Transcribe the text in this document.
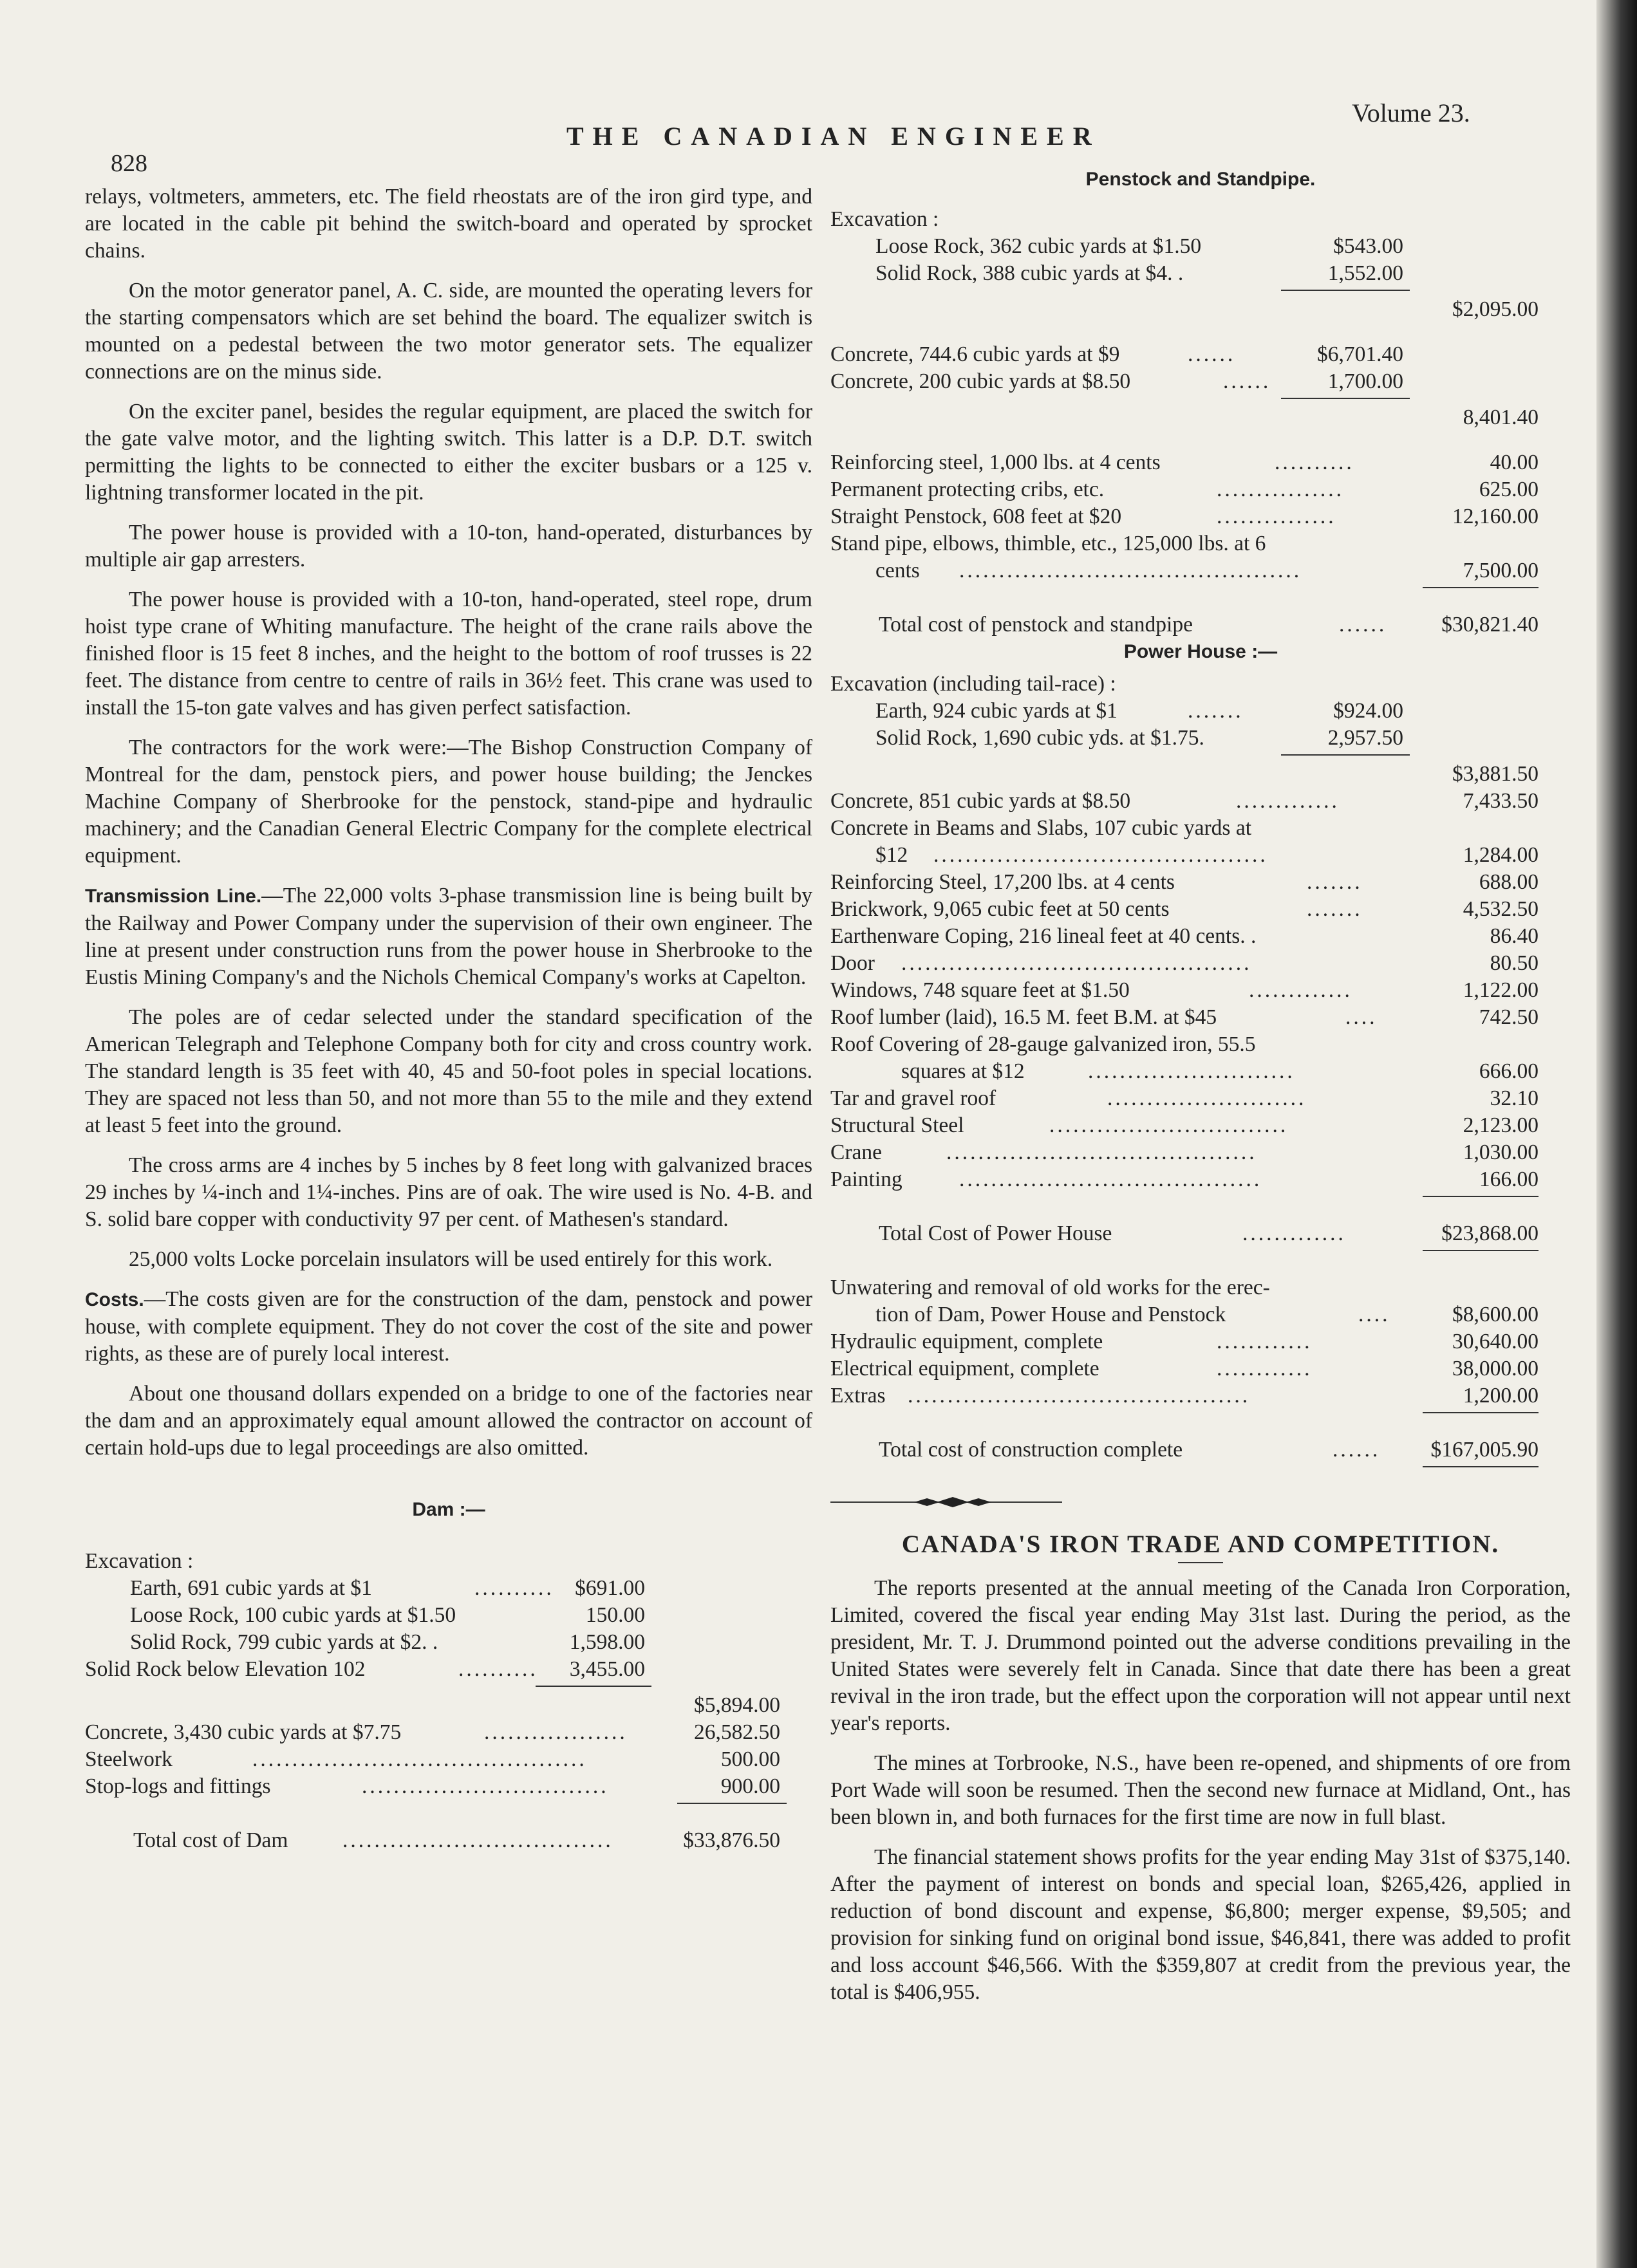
828
THE CANADIAN ENGINEER
Volume 23.

relays, voltmeters, ammeters, etc. The field rheostats are of the iron gird type, and are located in the cable pit behind the switch-board and operated by sprocket chains.

On the motor generator panel, A. C. side, are mounted the operating levers for the starting compensators which are set behind the board. The equalizer switch is mounted on a pedestal between the two motor generator sets. The equalizer connections are on the minus side.

On the exciter panel, besides the regular equipment, are placed the switch for the gate valve motor, and the lighting switch. This latter is a D.P. D.T. switch permitting the lights to be connected to either the exciter busbars or a 125 v. lightning transformer located in the pit.

The power house is provided with a 10-ton, hand-operated, disturbances by multiple air gap arresters.

The power house is provided with a 10-ton, hand-operated, steel rope, drum hoist type crane of Whiting manufacture. The height of the crane rails above the finished floor is 15 feet 8 inches, and the height to the bottom of roof trusses is 22 feet. The distance from centre to centre of rails in 36½ feet. This crane was used to install the 15-ton gate valves and has given perfect satisfaction.

The contractors for the work were:—The Bishop Construction Company of Montreal for the dam, penstock piers, and power house building; the Jenckes Machine Company of Sherbrooke for the penstock, stand-pipe and hydraulic machinery; and the Canadian General Electric Company for the complete electrical equipment.

Transmission Line.—The 22,000 volts 3-phase transmission line is being built by the Railway and Power Company under the supervision of their own engineer. The line at present under construction runs from the power house in Sherbrooke to the Eustis Mining Company's and the Nichols Chemical Company's works at Capelton.

The poles are of cedar selected under the standard specification of the American Telegraph and Telephone Company both for city and cross country work. The standard length is 35 feet with 40, 45 and 50-foot poles in special locations. They are spaced not less than 50, and not more than 55 to the mile and they extend at least 5 feet into the ground.

The cross arms are 4 inches by 5 inches by 8 feet long with galvanized braces 29 inches by ¼-inch and 1¼-inches. Pins are of oak. The wire used is No. 4-B. and S. solid bare copper with conductivity 97 per cent. of Mathesen's standard.

25,000 volts Locke porcelain insulators will be used entirely for this work.

Costs.—The costs given are for the construction of the dam, penstock and power house, with complete equipment. They do not cover the cost of the site and power rights, as these are of purely local interest.

About one thousand dollars expended on a bridge to one of the factories near the dam and an approximately equal amount allowed the contractor on account of certain hold-ups due to legal proceedings are also omitted.

Dam :—
Excavation :
Earth, 691 cubic yards at $1	.......... $691.00
Loose Rock, 100 cubic yards at $1.50	150.00
Solid Rock, 799 cubic yards at $2. .	1,598.00
Solid Rock below Elevation 102	..........	3,455.00
$5,894.00
Concrete, 3,430 cubic yards at $7.75	..................	26,582.50
Steelwork	..........................................	500.00
Stop-logs and fittings	...............................	900.00
Total cost of Dam	..................................	$33,876.50
Penstock and Standpipe.
Excavation :
Loose Rock, 362 cubic yards at $1.50	$543.00
Solid Rock, 388 cubic yards at $4. .	1,552.00
$2,095.00
Concrete, 744.6 cubic yards at $9	......	$6,701.40
Concrete, 200 cubic yards at $8.50	......	1,700.00
8,401.40
Reinforcing steel, 1,000 lbs. at 4 cents	..........	40.00
Permanent protecting cribs, etc.	................	625.00
Straight Penstock, 608 feet at $20	...............	12,160.00
Stand pipe, elbows, thimble, etc., 125,000 lbs. at 6
cents ...........................................	7,500.00
Total cost of penstock and standpipe	......	$30,821.40
Power House :—
Excavation (including tail-race) :
Earth, 924 cubic yards at $1	.......	$924.00
Solid Rock, 1,690 cubic yds. at $1.75.	2,957.50
$3,881.50
Concrete, 851 cubic yards at $8.50	.............	7,433.50
Concrete in Beams and Slabs, 107 cubic yards at
$12 ..........................................	1,284.00
Reinforcing Steel, 17,200 lbs. at 4 cents	.......	688.00
Brickwork, 9,065 cubic feet at 50 cents	.......	4,532.50
Earthenware Coping, 216 lineal feet at 40 cents. .	86.40
Door ............................................	80.50
Windows, 748 square feet at $1.50	.............	1,122.00
Roof lumber (laid), 16.5 M. feet B.M. at $45	....	742.50
Roof Covering of 28-gauge galvanized iron, 55.5
squares at $12	..........................	666.00
Tar and gravel roof	.........................	32.10
Structural Steel	..............................	2,123.00
Crane	.......................................	1,030.00
Painting	......................................	166.00
Total Cost of Power House	.............	$23,868.00
Unwatering and removal of old works for the erec-
tion of Dam, Power House and Penstock	....	$8,600.00
Hydraulic equipment, complete	............	30,640.00
Electrical equipment, complete	............	38,000.00
Extras ...........................................	1,200.00
Total cost of construction complete	......	$167,005.90
CANADA'S IRON TRADE AND COMPETITION.

The reports presented at the annual meeting of the Canada Iron Corporation, Limited, covered the fiscal year ending May 31st last. During the period, as the president, Mr. T. J. Drummond pointed out the adverse conditions prevailing in the United States were severely felt in Canada. Since that date there has been a great revival in the iron trade, but the effect upon the corporation will not appear until next year's reports.

The mines at Torbrooke, N.S., have been re-opened, and shipments of ore from Port Wade will soon be resumed. Then the second new furnace at Midland, Ont., has been blown in, and both furnaces for the first time are now in full blast.

The financial statement shows profits for the year ending May 31st of $375,140. After the payment of interest on bonds and special loan, $265,426, applied in reduction of bond discount and expense, $6,800; merger expense, $9,505; and provision for sinking fund on original bond issue, $46,841, there was added to profit and loss account $46,566. With the $359,807 at credit from the previous year, the total is $406,955.
